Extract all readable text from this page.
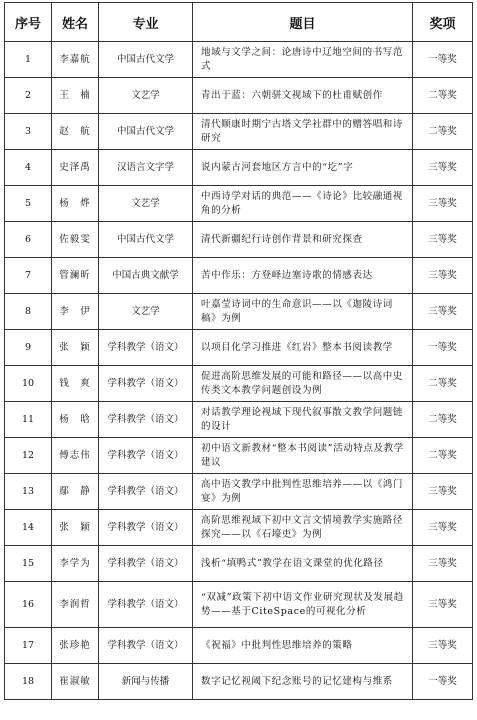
序号	姓名	专业	题目	奖项
1	李嘉航	中国古代文学	地域与文学之间：论唐诗中辽地空间的书写范式	一等奖
2	王　楠	文艺学	青出于蓝：六朝骈文视域下的杜甫赋创作	二等奖
3	赵　航	中国古代文学	清代顺康时期宁古塔文学社群中的赠答唱和诗研究	二等奖
4	史泽禹	汉语言文字学	说内蒙古河套地区方言中的“圪”字	三等奖
5	杨　烨	文艺学	中西诗学对话的典范——《诗论》比较融通视角的分析	三等奖
6	佐毅雯	中国古代文学	清代新疆纪行诗创作背景和研究探查	三等奖
7	管澜昕	中国古典文献学	苦中作乐：方登峄边塞诗歌的情感表达	三等奖
8	李　伊	文艺学	叶嘉莹诗词中的生命意识——以《迦陵诗词稿》为例	三等奖
9	张　颖	学科教学（语文）	以项目化学习推进《红岩》整本书阅读教学	一等奖
10	钱　爽	学科教学（语文）	促进高阶思维发展的可能和路径——以高中史传类文本教学问题创设为例	二等奖
11	杨　晗	学科教学（语文）	对话教学理论视域下现代叙事散文教学问题链的设计	二等奖
12	傅志伟	学科教学（语文）	初中语文新教材“整本书阅读”活动特点及教学建议	二等奖
13	鄢　静	学科教学（语文）	高中语文教学中批判性思维培养——以《鸿门宴》为例	三等奖
14	张　颖	学科教学（语文）	高阶思维视域下初中文言文情境教学实施路径探究——以《石壕吏》为例	三等奖
15	李学为	学科教学（语文）	浅析“填鸭式”教学在语文课堂的优化路径	三等奖
16	李润哲	学科教学（语文）	“双减”政策下初中语文作业研究现状及发展趋势——基于CiteSpace的可视化分析	三等奖
17	张珍艳	学科教学（语文）	《祝福》中批判性思维培养的策略	三等奖
18	崔淑敏	新闻与传播	数字记忆视阈下纪念账号的记忆建构与维系	一等奖
